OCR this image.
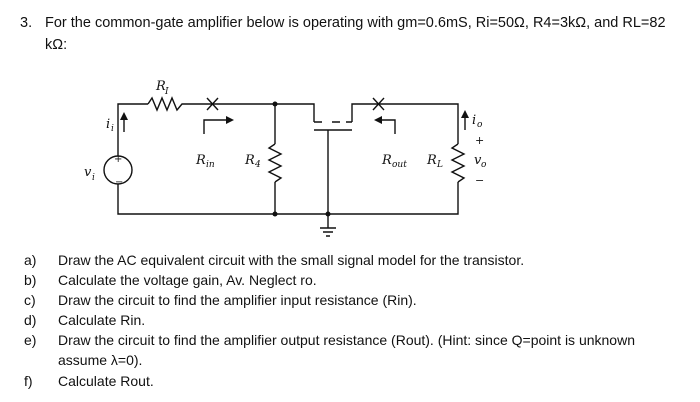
3. For the common-gate amplifier below is operating with gm=0.6mS, Ri=50Ω, R4=3kΩ, and RL=82
kΩ:
+
−
v i
i i
R I
R in R 4	R out R L
i o
+
v o
−
a) Draw the AC equivalent circuit with the small signal model for the transistor.
b) Calculate the voltage gain, Av. Neglect ro.
c) Draw the circuit to find the amplifier input resistance (Rin).
d) Calculate Rin.
e) Draw the circuit to find the amplifier output resistance (Rout). (Hint: since Q=point is unknown
assume λ=0).
f) Calculate Rout.
